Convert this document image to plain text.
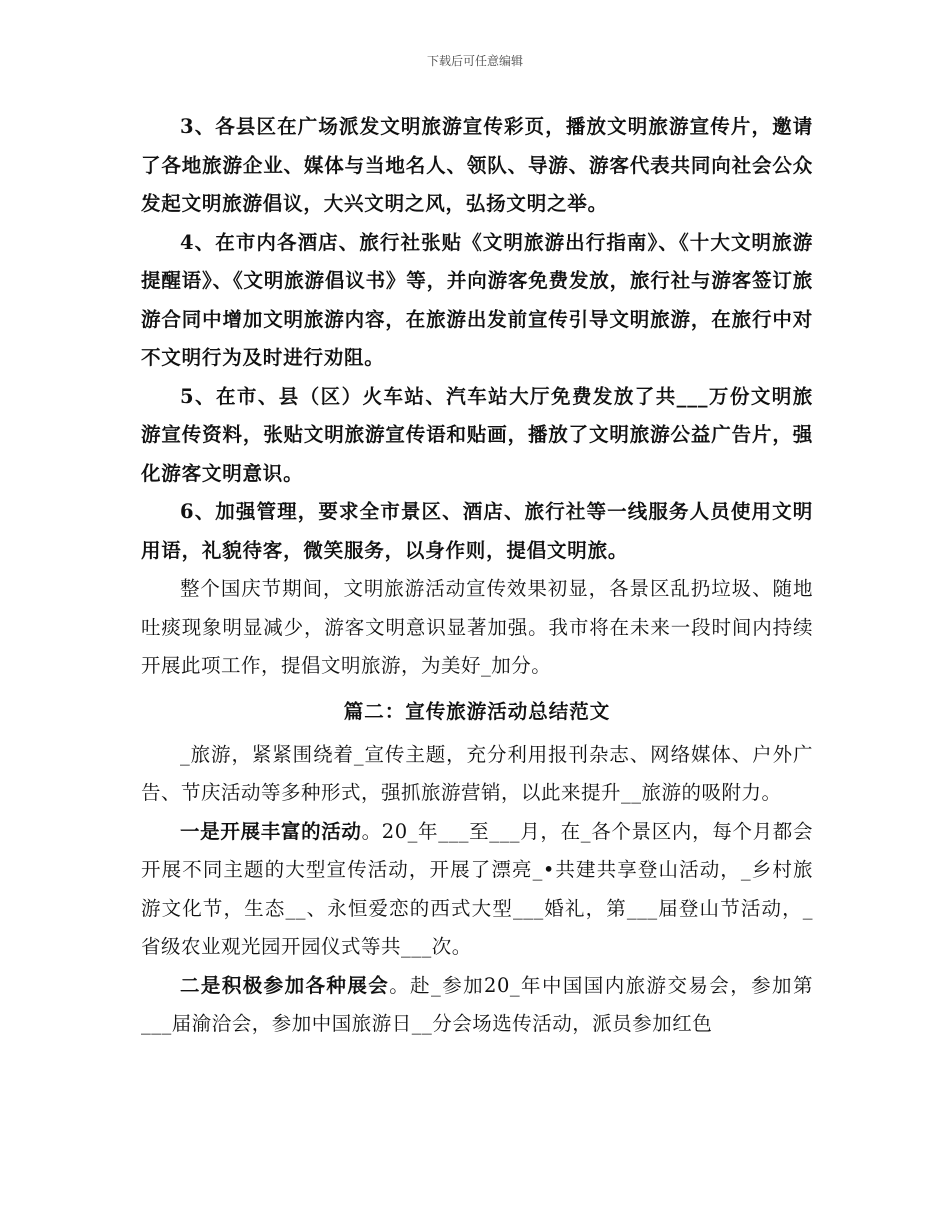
下载后可任意编辑

3、各县区在广场派发文明旅游宣传彩页，播放文明旅游宣传片，邀请了各地旅游企业、媒体与当地名人、领队、导游、游客代表共同向社会公众发起文明旅游倡议，大兴文明之风，弘扬文明之举。

4、在市内各酒店、旅行社张贴《文明旅游出行指南》、《十大文明旅游提醒语》、《文明旅游倡议书》等，并向游客免费发放，旅行社与游客签订旅游合同中增加文明旅游内容，在旅游出发前宣传引导文明旅游，在旅行中对不文明行为及时进行劝阻。

5、在市、县（区）火车站、汽车站大厅免费发放了共___万份文明旅游宣传资料，张贴文明旅游宣传语和贴画，播放了文明旅游公益广告片，强化游客文明意识。

6、加强管理，要求全市景区、酒店、旅行社等一线服务人员使用文明用语，礼貌待客，微笑服务，以身作则，提倡文明旅。

整个国庆节期间，文明旅游活动宣传效果初显，各景区乱扔垃圾、随地吐痰现象明显减少，游客文明意识显著加强。我市将在未来一段时间内持续开展此项工作，提倡文明旅游，为美好_加分。

篇二：宣传旅游活动总结范文

_旅游，紧紧围绕着_宣传主题，充分利用报刊杂志、网络媒体、户外广告、节庆活动等多种形式，强抓旅游营销，以此来提升__旅游的吸附力。

一是开展丰富的活动。20_年___至___月，在_各个景区内，每个月都会开展不同主题的大型宣传活动，开展了漂亮_•共建共享登山活动，_乡村旅游文化节，生态__、永恒爱恋的西式大型___婚礼，第___届登山节活动，_省级农业观光园开园仪式等共___次。

二是积极参加各种展会。赴_参加20_年中国国内旅游交易会，参加第___届渝洽会，参加中国旅游日__分会场选传活动，派员参加红色
